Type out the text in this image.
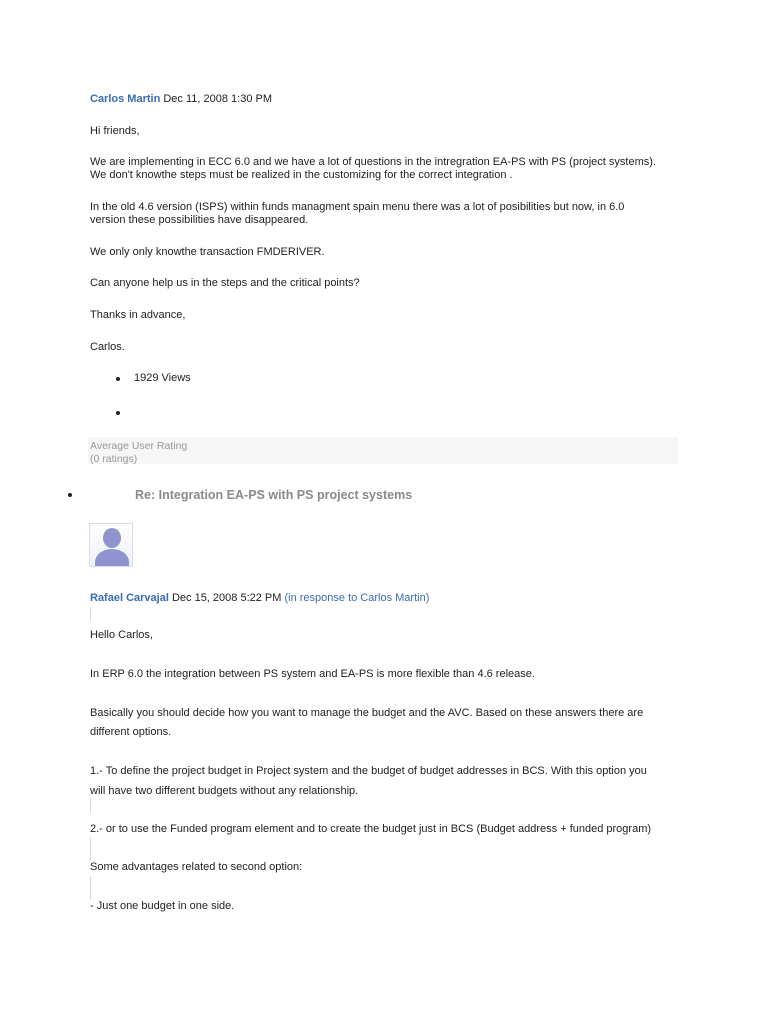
Carlos Martin Dec 11, 2008 1:30 PM

Hi friends,

We are implementing in ECC 6.0 and we have a lot of questions in the intregration EA-PS with PS (project systems).

We don't knowthe steps must be realized in the customizing for the correct integration .

In the old 4.6 version (ISPS) within funds managment spain menu there was a lot of posibilities but now, in 6.0

version these possibilities have disappeared.

We only only knowthe transaction FMDERIVER.

Can anyone help us in the steps and the critical points?

Thanks in advance,

Carlos.

1929 Views

Average User Rating
(0 ratings)

Re: Integration EA-PS with PS project systems

Rafael Carvajal Dec 15, 2008 5:22 PM (in response to Carlos Martin)

Hello Carlos,

In ERP 6.0 the integration between PS system and EA-PS is more flexible than 4.6 release.

Basically you should decide how you want to manage the budget and the AVC. Based on these answers there are

different options.

1.- To define the project budget in Project system and the budget of budget addresses in BCS. With this option you

will have two different budgets without any relationship.

2.- or to use the Funded program element and to create the budget just in BCS (Budget address + funded program)

Some advantages related to second option:

- Just one budget in one side.
